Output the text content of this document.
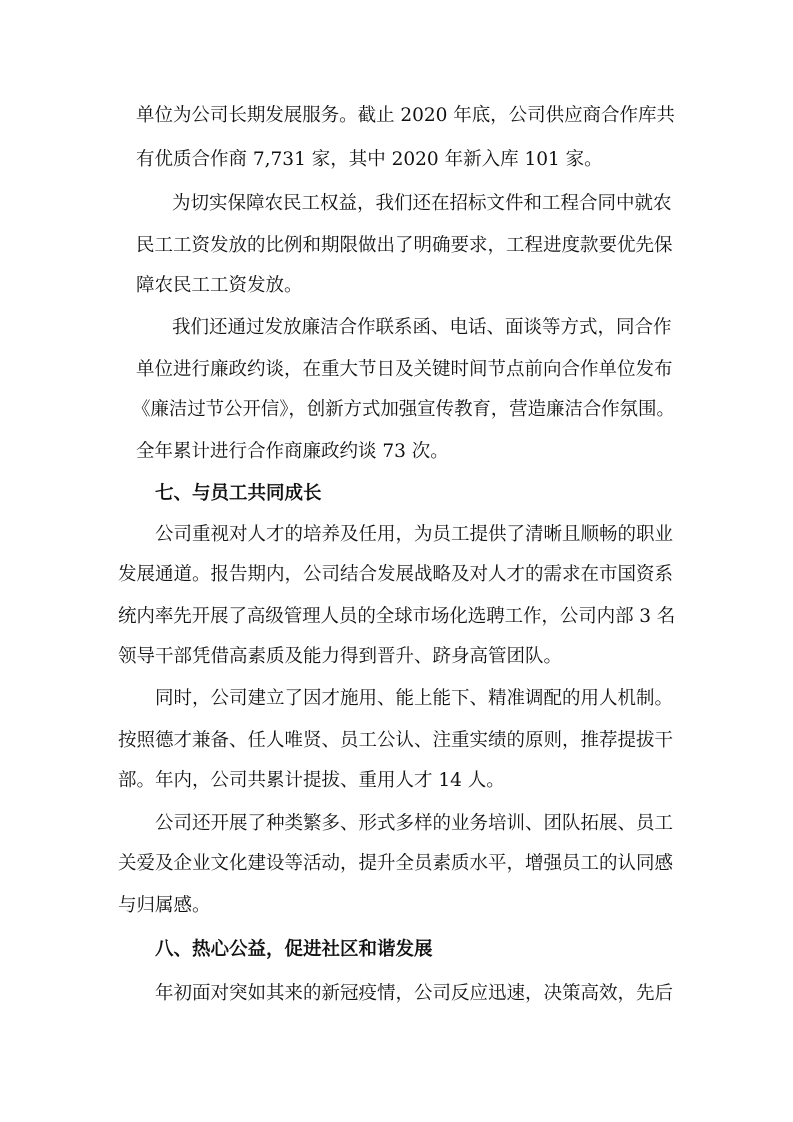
单位为公司长期发展服务。截止 2020 年底，公司供应商合作库共
有优质合作商 7,731 家，其中 2020 年新入库 101 家。
为切实保障农民工权益，我们还在招标文件和工程合同中就农
民工工资发放的比例和期限做出了明确要求，工程进度款要优先保
障农民工工资发放。
我们还通过发放廉洁合作联系函、电话、面谈等方式，同合作
单位进行廉政约谈，在重大节日及关键时间节点前向合作单位发布
《廉洁过节公开信》，创新方式加强宣传教育，营造廉洁合作氛围。
全年累计进行合作商廉政约谈 73 次。
七、与员工共同成长
公司重视对人才的培养及任用，为员工提供了清晰且顺畅的职业
发展通道。报告期内，公司结合发展战略及对人才的需求在市国资系
统内率先开展了高级管理人员的全球市场化选聘工作，公司内部 3 名
领导干部凭借高素质及能力得到晋升、跻身高管团队。
同时，公司建立了因才施用、能上能下、精准调配的用人机制。
按照德才兼备、任人唯贤、员工公认、注重实绩的原则，推荐提拔干
部。年内，公司共累计提拔、重用人才 14 人。
公司还开展了种类繁多、形式多样的业务培训、团队拓展、员工
关爱及企业文化建设等活动，提升全员素质水平，增强员工的认同感
与归属感。
八、热心公益，促进社区和谐发展
年初面对突如其来的新冠疫情，公司反应迅速，决策高效，先后
